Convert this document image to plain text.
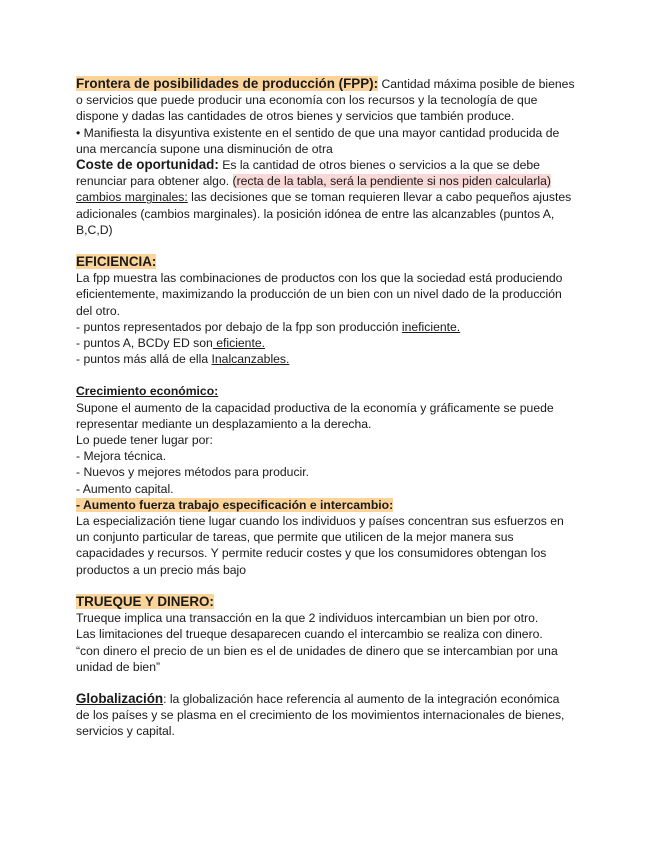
Frontera de posibilidades de producción (FPP): Cantidad máxima posible de bienes o servicios que puede producir una economía con los recursos y la tecnología de que dispone y dadas las cantidades de otros bienes y servicios que también produce.

• Manifiesta la disyuntiva existente en el sentido de que una mayor cantidad producida de una mercancía supone una disminución de otra

Coste de oportunidad: Es la cantidad de otros bienes o servicios a la que se debe renunciar para obtener algo. (recta de la tabla, será la pendiente si nos piden calcularla)

cambios marginales: las decisiones que se toman requieren llevar a cabo pequeños ajustes adicionales (cambios marginales). la posición idónea de entre las alcanzables (puntos A, B,C,D)

EFICIENCIA:

La fpp muestra las combinaciones de productos con los que la sociedad está produciendo eficientemente, maximizando la producción de un bien con un nivel dado de la producción del otro.

- puntos representados por debajo de la fpp son producción ineficiente.

- puntos A, BCDy ED son eficiente.

- puntos más allá de ella Inalcanzables.

Crecimiento económico:

Supone el aumento de la capacidad productiva de la economía y gráficamente se puede representar mediante un desplazamiento a la derecha.

Lo puede tener lugar por:

- Mejora técnica.

- Nuevos y mejores métodos para producir.

- Aumento capital.

- Aumento fuerza trabajo especificación e intercambio:

La especialización tiene lugar cuando los individuos y países concentran sus esfuerzos en un conjunto particular de tareas, que permite que utilicen de la mejor manera sus capacidades y recursos. Y permite reducir costes y que los consumidores obtengan los productos a un precio más bajo

TRUEQUE Y DINERO:

Trueque implica una transacción en la que 2 individuos intercambian un bien por otro.

Las limitaciones del trueque desaparecen cuando el intercambio se realiza con dinero.

“con dinero el precio de un bien es el de unidades de dinero que se intercambian por una unidad de bien”

Globalización: la globalización hace referencia al aumento de la integración económica de los países y se plasma en el crecimiento de los movimientos internacionales de bienes, servicios y capital.
